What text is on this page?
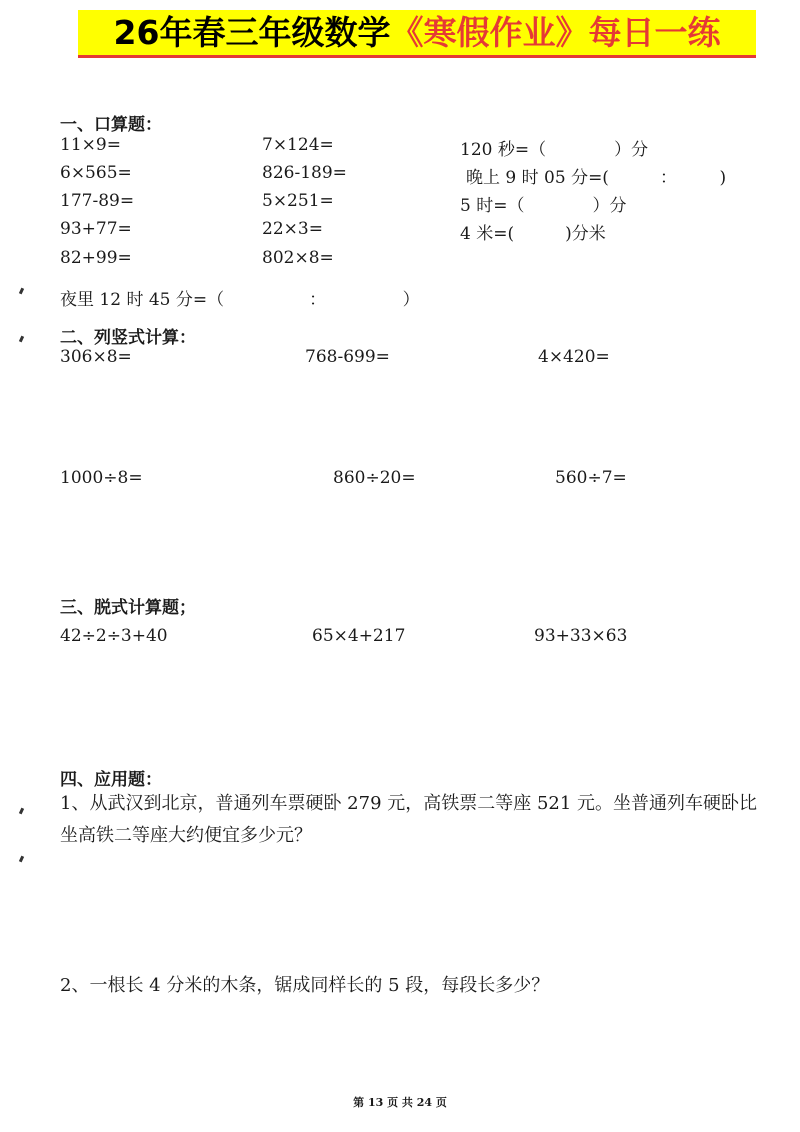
26年春三年级数学《寒假作业》每日一练
一、口算题：
11×9=	7×124=	120 秒=（　　　　）分
6×565=	826-189=	晚上 9 时 05 分=(　　　：　　　)
177-89=	5×251=	5 时=（　　　　）分
93+77=	22×3=	4 米=(　　　)分米
82+99=	802×8=
夜里 12 时 45 分=（　　　　　：　　　　　）
二、列竖式计算：
306×8=	768-699=	4×420=
1000÷8=	860÷20=	560÷7=
三、脱式计算题；
42÷2÷3+40	65×4+217	93+33×63
四、应用题：
1、从武汉到北京，普通列车票硬卧 279 元，高铁票二等座 521 元。坐普通列车硬卧比坐高铁二等座大约便宜多少元？
2、一根长 4 分米的木条，锯成同样长的 5 段，每段长多少？
第 13 页 共 24 页
